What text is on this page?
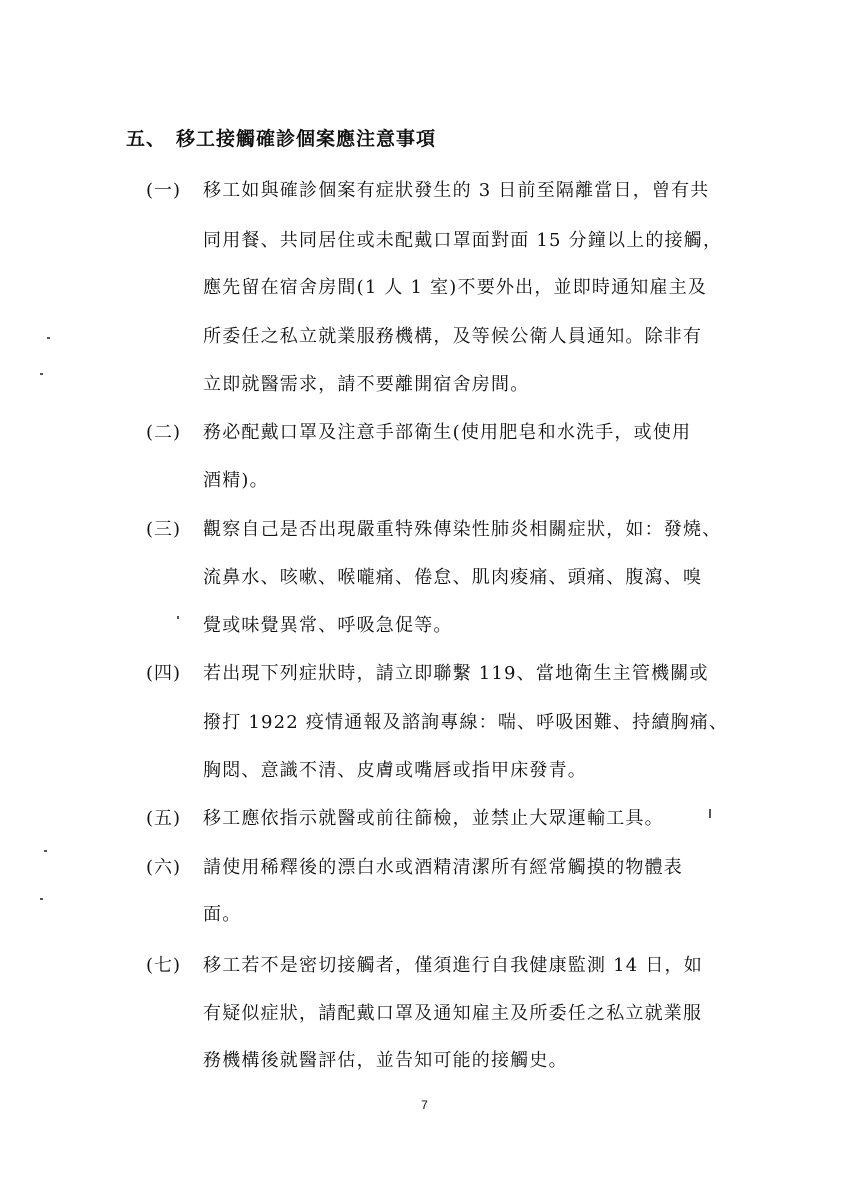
五、 移工接觸確診個案應注意事項
(一) 移工如與確診個案有症狀發生的 3 日前至隔離當日，曾有共
同用餐、共同居住或未配戴口罩面對面 15 分鐘以上的接觸，
應先留在宿舍房間(1 人 1 室)不要外出，並即時通知雇主及
所委任之私立就業服務機構，及等候公衛人員通知。除非有
立即就醫需求，請不要離開宿舍房間。
(二) 務必配戴口罩及注意手部衛生(使用肥皂和水洗手，或使用
酒精)。
(三) 觀察自己是否出現嚴重特殊傳染性肺炎相關症狀，如：發燒、
流鼻水、咳嗽、喉嚨痛、倦怠、肌肉痠痛、頭痛、腹瀉、嗅
覺或味覺異常、呼吸急促等。
(四) 若出現下列症狀時，請立即聯繫 119、當地衛生主管機關或
撥打 1922 疫情通報及諮詢專線：喘、呼吸困難、持續胸痛、
胸悶、意識不清、皮膚或嘴唇或指甲床發青。
(五) 移工應依指示就醫或前往篩檢，並禁止大眾運輸工具。
(六) 請使用稀釋後的漂白水或酒精清潔所有經常觸摸的物體表
面。
(七) 移工若不是密切接觸者，僅須進行自我健康監測 14 日，如
有疑似症狀，請配戴口罩及通知雇主及所委任之私立就業服
務機構後就醫評估，並告知可能的接觸史。
7
